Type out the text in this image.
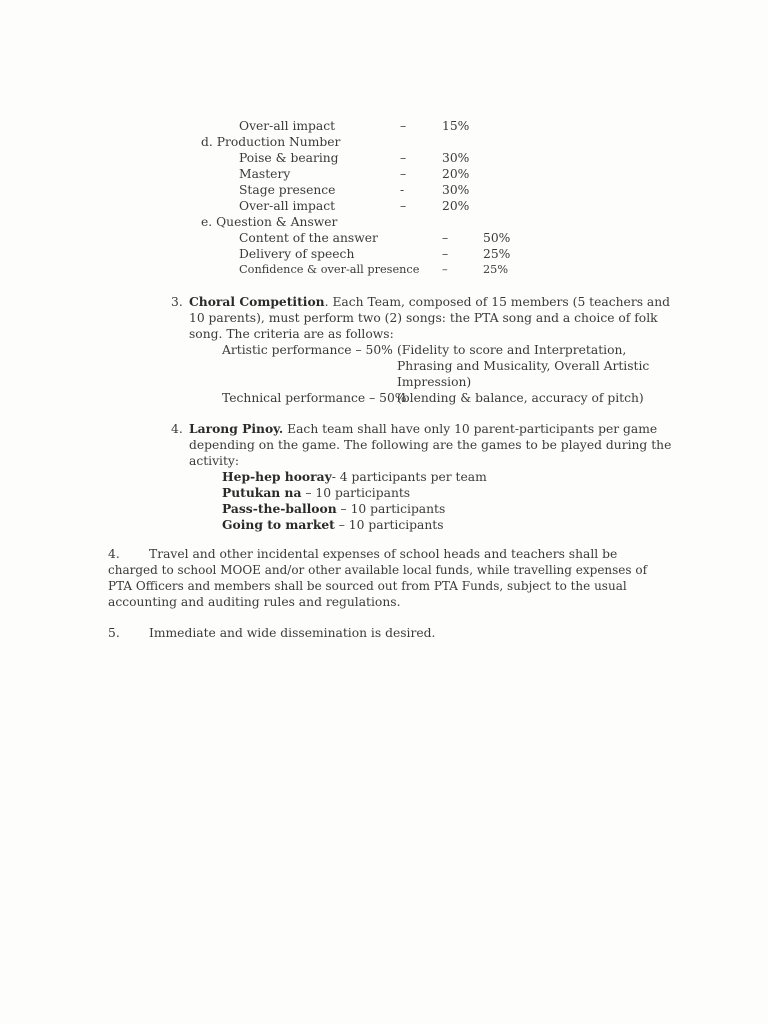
Over-all impact	–	15%
d. Production Number
Poise & bearing	–	30%
Mastery	–	20%
Stage presence	-	30%
Over-all impact	–	20%
e. Question & Answer
Content of the answer	–	50%
Delivery of speech	–	25%
Confidence & over-all presence –	25%
3. Choral Competition. Each Team, composed of 15 members (5 teachers and
10 parents), must perform two (2) songs: the PTA song and a choice of folk
song. The criteria are as follows:
Artistic performance – 50% (Fidelity to score and Interpretation,
Phrasing and Musicality, Overall Artistic
Impression)
Technical performance – 50%
(blending & balance, accuracy of pitch)
4. Larong Pinoy. Each team shall have only 10 parent-participants per game
depending on the game. The following are the games to be played during the
activity:
Hep-hep hooray- 4 participants per team
Putukan na – 10 participants
Pass-the-balloon – 10 participants
Going to market – 10 participants
4. Travel and other incidental expenses of school heads and teachers shall be
charged to school MOOE and/or other available local funds, while travelling expenses of
PTA Officers and members shall be sourced out from PTA Funds, subject to the usual
accounting and auditing rules and regulations.
5. Immediate and wide dissemination is desired.
